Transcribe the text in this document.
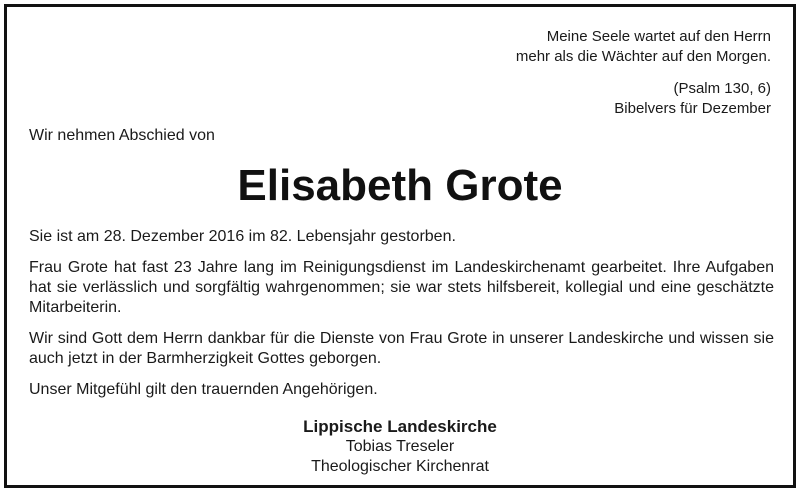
Meine Seele wartet auf den Herrn
mehr als die Wächter auf den Morgen.
(Psalm 130, 6)
Bibelvers für Dezember
Wir nehmen Abschied von
Elisabeth Grote

Sie ist am 28. Dezember 2016 im 82. Lebensjahr gestorben.

Frau Grote hat fast 23 Jahre lang im Reinigungsdienst im Landeskirchenamt gearbeitet. Ihre Aufgaben hat sie verlässlich und sorgfältig wahrgenommen; sie war stets hilfsbereit, kollegial und eine geschätzte Mitarbeiterin.

Wir sind Gott dem Herrn dankbar für die Dienste von Frau Grote in unserer Landeskirche und wissen sie auch jetzt in der Barmherzigkeit Gottes geborgen.

Unser Mitgefühl gilt den trauernden Angehörigen.

Lippische Landeskirche
Tobias Treseler
Theologischer Kirchenrat
